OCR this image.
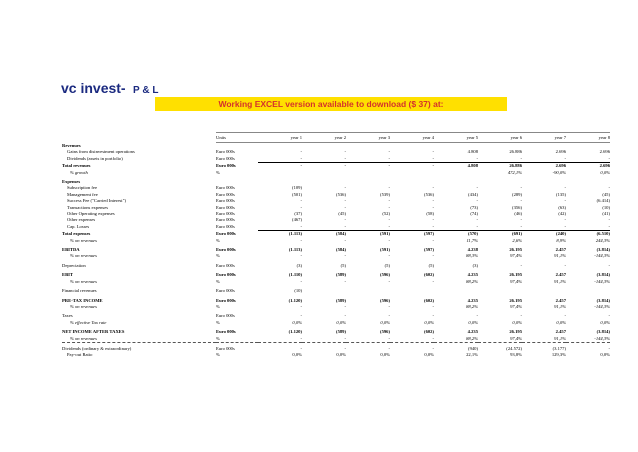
vc invest- P & L
Working EXCEL version available to download ($ 37) at:
	Units	year 1	year 2	year 3	year 4	year 5	year 6	year 7	year 8
Revenues									
Gains from disinvestment operations	Euro 000s	-	-	-	-	4.808	26.886	2.696	2.696
Dividends (assets in portfolio)	Euro 000s	-	-	-	-	-	-	-	-
Total revenues	Euro 000s	-	-	-	-	4.808	26.886	2.696	2.696
% growth	%						472,1%	-90,0%	0,0%

Expenses									
Subscription fee	Euro 000s	(109)	-	-	-	-	-	-	-
Management fee	Euro 000s	(501)	(536)	(539)	(536)	(434)	(289)	(135)	(45)
Success Fee ("Carried Interest")	Euro 000s	-	-	-	-	-	-	-	(6.414)
Transactions expenses	Euro 000s	-	-	-	-	(73)	(356)	(63)	(10)
Other Operating expenses	Euro 000s	(37)	(45)	(52)	(58)	(74)	(46)	(42)	(41)
Other expenses	Euro 000s	(467)	-	-	-	-	-	-	-
Cap. Losses	Euro 000s	-	-	-	-	-	-	-	-
Total expenses	Euro 000s	(1.113)	(584)	(591)	(597)	(570)	(691)	(240)	(6.510)
% on revenues	%	-	-	-	-	11,7%	2,6%	8,9%	244,3%

EBITDA	Euro 000s	(1.113)	(584)	(591)	(597)	4.238	26.195	2.457	(3.814)
% on revenues	%	-	-	-	-	88,3%	97,4%	91,1%	-144,3%

Depreciation	Euro 000s	(3)	(5)	(5)	(5)	(3)	-	-	-

EBIT	Euro 000s	(1.110)	(589)	(596)	(602)	4.235	26.195	2.457	(3.814)
% on revenues	%	-	-	-	-	88,2%	97,4%	91,1%	-144,3%

Financial revenues	Euro 000s	(10)							

PRE-TAX INCOME	Euro 000s	(1.120)	(589)	(596)	(602)	4.235	26.195	2.457	(3.814)
% on revenues	%	-	-	-	-	88,2%	97,4%	91,1%	-144,3%

Taxes	Euro 000s	-	-	-	-	-	-	-	-
% effective Tax rate	%	0,0%	0,0%	0,0%	0,0%	0,0%	0,0%	0,0%	0,0%

NET INCOME AFTER TAXES	Euro 000s	(1.120)	(589)	(596)	(602)	4.235	26.195	2.457	(3.814)
% on revenues	%	-	-	-	-	88,2%	97,4%	91,1%	-144,3%

Dividends (ordinary & extraordinary)	Euro 000s	-	-	-	-	(940)	(24.572)	(3.177)	-
Pay-out Ratio	%	0,0%	0,0%	0,0%	0,0%	22,1%	93,8%	129,3%	0,0%
